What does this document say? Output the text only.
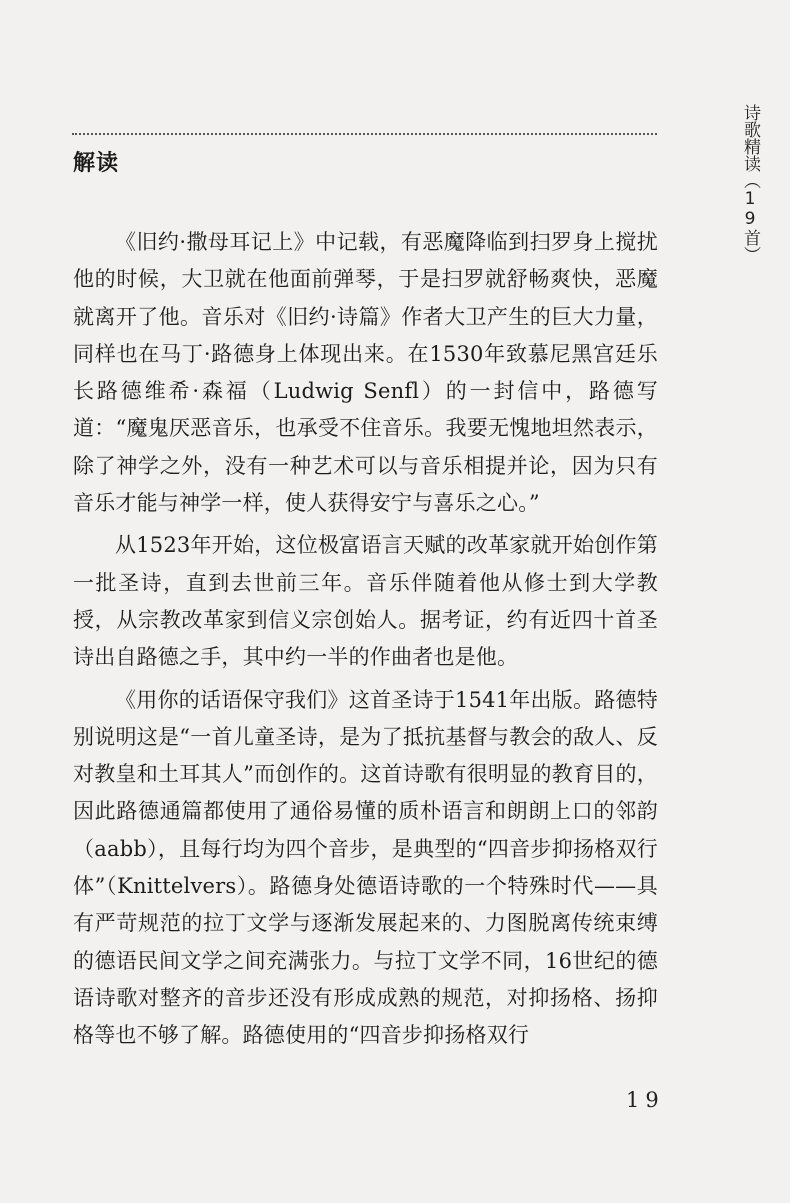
诗歌精读（19首）
解读

《旧约·撒母耳记上》中记载，有恶魔降临到扫罗身上搅扰他的时候，大卫就在他面前弹琴，于是扫罗就舒畅爽快，恶魔就离开了他。音乐对《旧约·诗篇》作者大卫产生的巨大力量，同样也在马丁·路德身上体现出来。在1530年致慕尼黑宫廷乐长路德维希·森福（Ludwig Senfl）的一封信中，路德写道：“魔鬼厌恶音乐，也承受不住音乐。我要无愧地坦然表示，除了神学之外，没有一种艺术可以与音乐相提并论，因为只有音乐才能与神学一样，使人获得安宁与喜乐之心。”

从1523年开始，这位极富语言天赋的改革家就开始创作第一批圣诗，直到去世前三年。音乐伴随着他从修士到大学教授，从宗教改革家到信义宗创始人。据考证，约有近四十首圣诗出自路德之手，其中约一半的作曲者也是他。

《用你的话语保守我们》这首圣诗于1541年出版。路德特别说明这是“一首儿童圣诗，是为了抵抗基督与教会的敌人、反对教皇和土耳其人”而创作的。这首诗歌有很明显的教育目的，因此路德通篇都使用了通俗易懂的质朴语言和朗朗上口的邻韵（aabb），且每行均为四个音步，是典型的“四音步抑扬格双行体”（Knittelvers）。路德身处德语诗歌的一个特殊时代——具有严苛规范的拉丁文学与逐渐发展起来的、力图脱离传统束缚的德语民间文学之间充满张力。与拉丁文学不同，16世纪的德语诗歌对整齐的音步还没有形成成熟的规范，对抑扬格、扬抑格等也不够了解。路德使用的“四音步抑扬格双行

19
